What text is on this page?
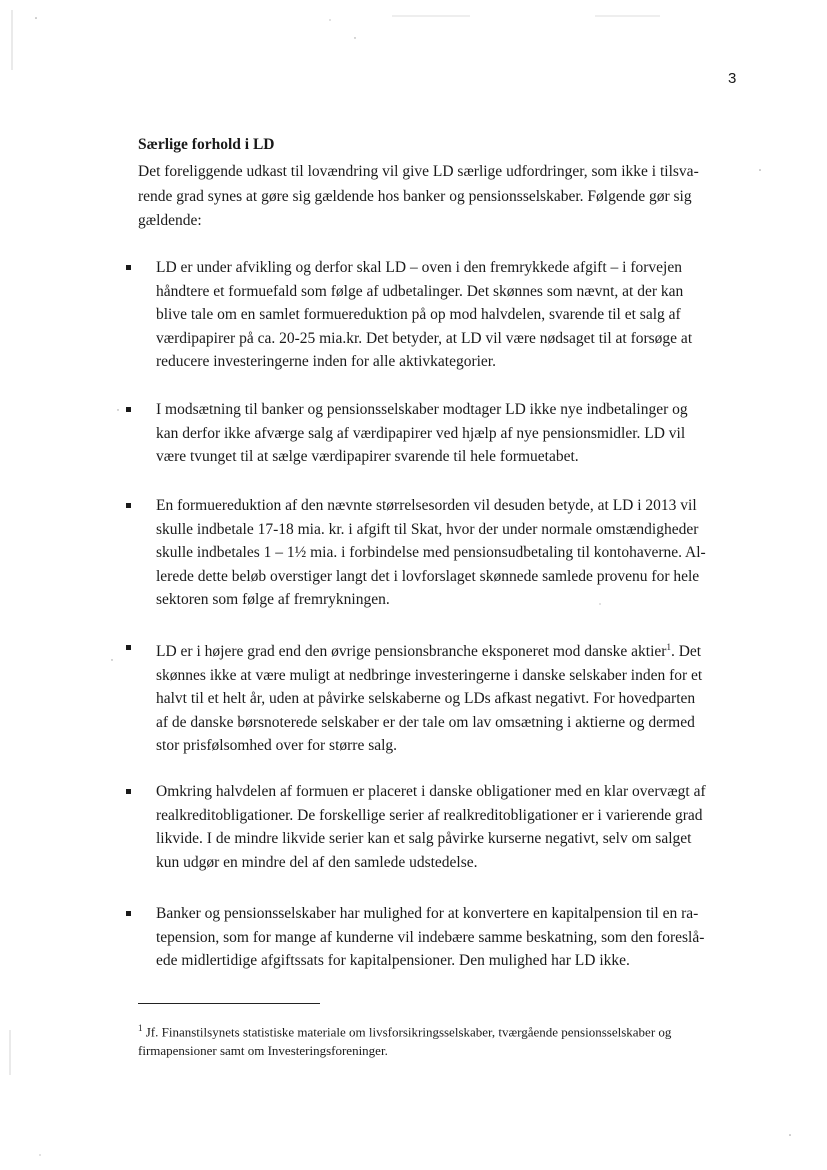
3
Særlige forhold i LD
Det foreliggende udkast til lovændring vil give LD særlige udfordringer, som ikke i tilsva-
rende grad synes at gøre sig gældende hos banker og pensionsselskaber. Følgende gør sig
gældende:
LD er under afvikling og derfor skal LD – oven i den fremrykkede afgift – i forvejen
håndtere et formuefald som følge af udbetalinger. Det skønnes som nævnt, at der kan
blive tale om en samlet formuereduktion på op mod halvdelen, svarende til et salg af
værdipapirer på ca. 20-25 mia.kr. Det betyder, at LD vil være nødsaget til at forsøge at
reducere investeringerne inden for alle aktivkategorier.
I modsætning til banker og pensionsselskaber modtager LD ikke nye indbetalinger og
kan derfor ikke afværge salg af værdipapirer ved hjælp af nye pensionsmidler. LD vil
være tvunget til at sælge værdipapirer svarende til hele formuetabet.
En formuereduktion af den nævnte størrelsesorden vil desuden betyde, at LD i 2013 vil
skulle indbetale 17-18 mia. kr. i afgift til Skat, hvor der under normale omstændigheder
skulle indbetales 1 – 1½ mia. i forbindelse med pensionsudbetaling til kontohaverne. Al-
lerede dette beløb overstiger langt det i lovforslaget skønnede samlede provenu for hele
sektoren som følge af fremrykningen.
LD er i højere grad end den øvrige pensionsbranche eksponeret mod danske aktier$^1$. Det
skønnes ikke at være muligt at nedbringe investeringerne i danske selskaber inden for et
halvt til et helt år, uden at påvirke selskaberne og LDs afkast negativt. For hovedparten
af de danske børsnoterede selskaber er der tale om lav omsætning i aktierne og dermed
stor prisfølsomhed over for større salg.
Omkring halvdelen af formuen er placeret i danske obligationer med en klar overvægt af
realkreditobligationer. De forskellige serier af realkreditobligationer er i varierende grad
likvide. I de mindre likvide serier kan et salg påvirke kurserne negativt, selv om salget
kun udgør en mindre del af den samlede udstedelse.
Banker og pensionsselskaber har mulighed for at konvertere en kapitalpension til en ra-
tepension, som for mange af kunderne vil indebære samme beskatning, som den foreslå-
ede midlertidige afgiftssats for kapitalpensioner. Den mulighed har LD ikke.
$^1$ Jf. Finanstilsynets statistiske materiale om livsforsikringsselskaber, tværgående pensionsselskaber og
firmapensioner samt om Investeringsforeninger.
